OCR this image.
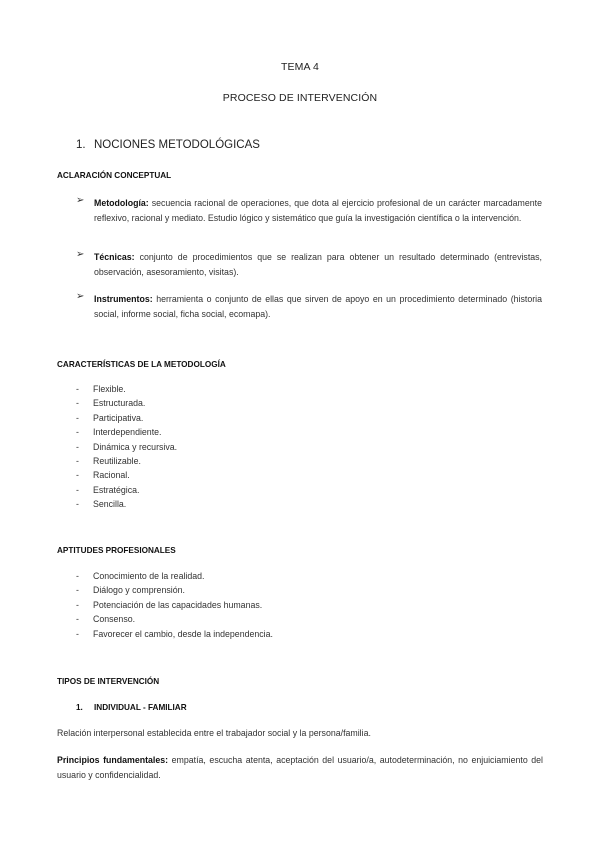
TEMA 4
PROCESO DE INTERVENCIÓN
1. NOCIONES METODOLÓGICAS
ACLARACIÓN CONCEPTUAL
➢ Metodología: secuencia racional de operaciones, que dota al ejercicio profesional de un carácter marcadamente reflexivo, racional y mediato. Estudio lógico y sistemático que guía la investigación científica o la intervención.
➢ Técnicas: conjunto de procedimientos que se realizan para obtener un resultado determinado (entrevistas, observación, asesoramiento, visitas).
➢ Instrumentos: herramienta o conjunto de ellas que sirven de apoyo en un procedimiento determinado (historia social, informe social, ficha social, ecomapa).
CARACTERÍSTICAS DE LA METODOLOGÍA
- Flexible.
- Estructurada.
- Participativa.
- Interdependiente.
- Dinámica y recursiva.
- Reutilizable.
- Racional.
- Estratégica.
- Sencilla.
APTITUDES PROFESIONALES
- Conocimiento de la realidad.
- Diálogo y comprensión.
- Potenciación de las capacidades humanas.
- Consenso.
- Favorecer el cambio, desde la independencia.
TIPOS DE INTERVENCIÓN
1. INDIVIDUAL - FAMILIAR
Relación interpersonal establecida entre el trabajador social y la persona/familia.
Principios fundamentales: empatía, escucha atenta, aceptación del usuario/a, autodeterminación, no enjuiciamiento del usuario y confidencialidad.
